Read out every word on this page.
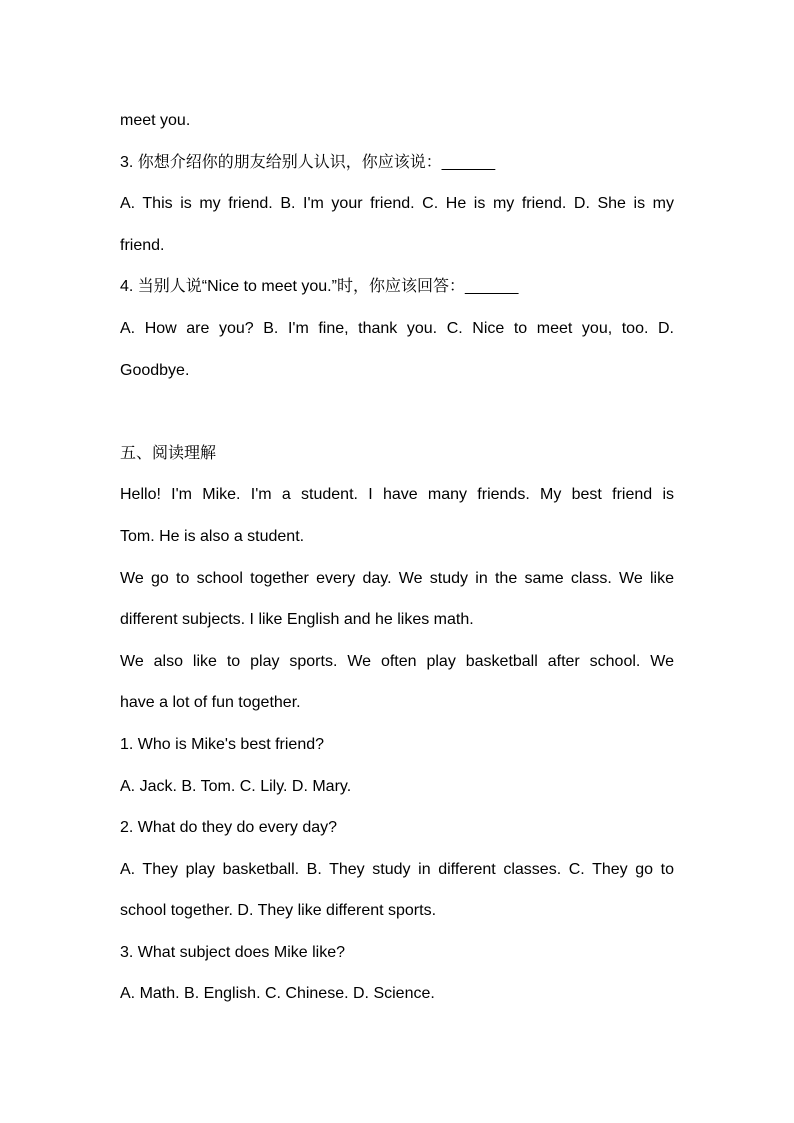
meet you.
3. 你想介绍你的朋友给别人认识，你应该说：______
A. This is my friend. B. I'm your friend. C. He is my friend. D. She is my
friend.
4. 当别人说“Nice to meet you.”时，你应该回答：______
A. How are you? B. I'm fine, thank you. C. Nice to meet you, too. D.
Goodbye.
五、阅读理解
Hello! I'm Mike. I'm a student. I have many friends. My best friend is
Tom. He is also a student.
We go to school together every day. We study in the same class. We like
different subjects. I like English and he likes math.
We also like to play sports. We often play basketball after school. We
have a lot of fun together.
1. Who is Mike's best friend?
A. Jack. B. Tom. C. Lily. D. Mary.
2. What do they do every day?
A. They play basketball. B. They study in different classes. C. They go to
school together. D. They like different sports.
3. What subject does Mike like?
A. Math. B. English. C. Chinese. D. Science.
